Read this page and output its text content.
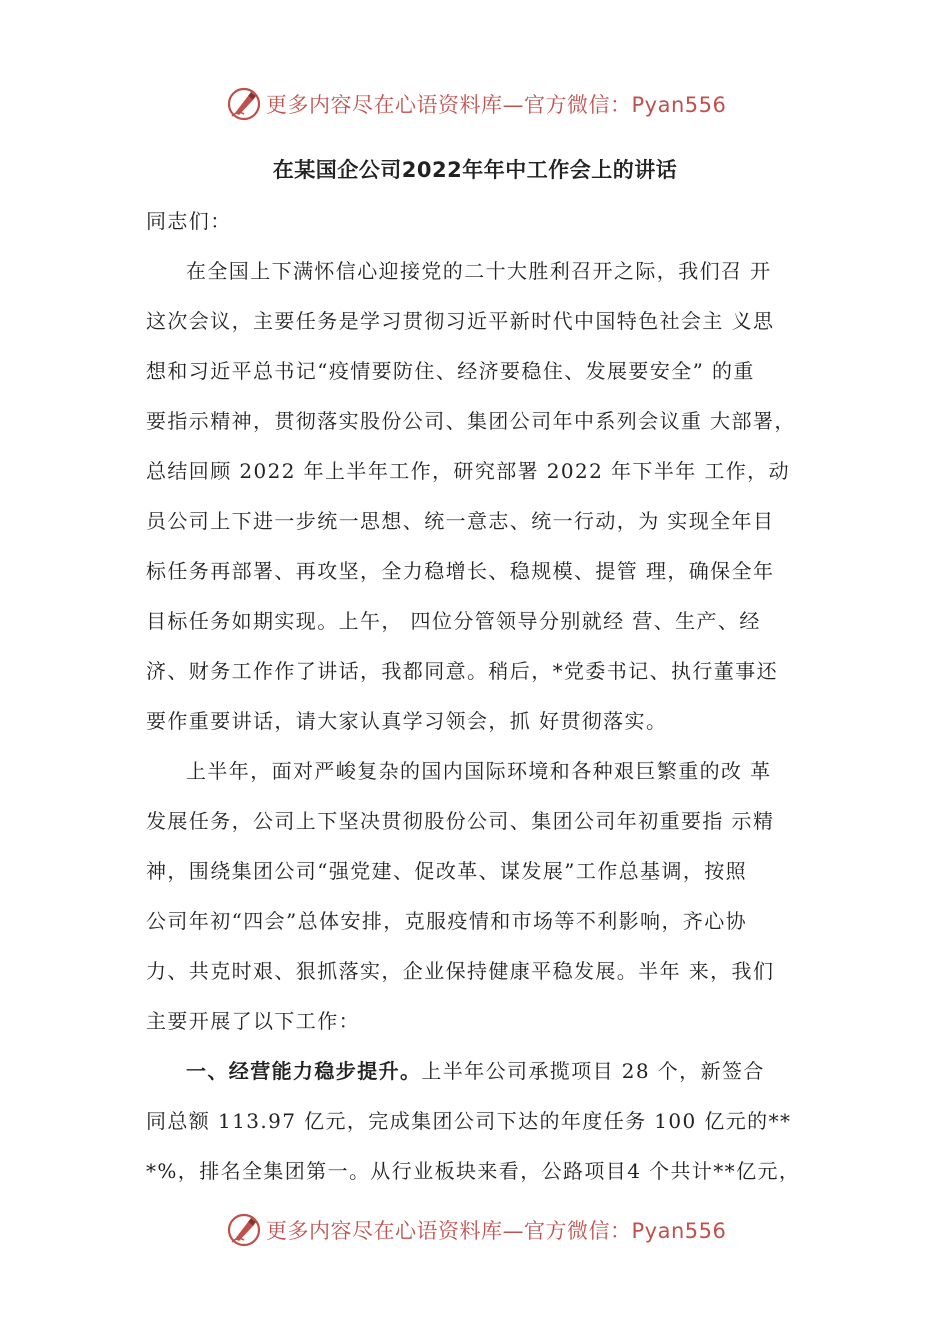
更多内容尽在心语资料库—官方微信：Pyan556
在某国企公司2022年年中工作会上的讲话
同志们：
在全国上下满怀信心迎接党的二十大胜利召开之际，我们召 开
这次会议，主要任务是学习贯彻习近平新时代中国特色社会主 义思
想和习近平总书记“疫情要防住、经济要稳住、发展要安全” 的重
要指示精神，贯彻落实股份公司、集团公司年中系列会议重 大部署，
总结回顾 2022 年上半年工作，研究部署 2022 年下半年 工作，动
员公司上下进一步统一思想、统一意志、统一行动，为 实现全年目
标任务再部署、再攻坚，全力稳增长、稳规模、提管 理，确保全年
目标任务如期实现。上午， 四位分管领导分别就经 营、生产、经
济、财务工作作了讲话，我都同意。稍后，*党委书记、执行董事还
要作重要讲话，请大家认真学习领会，抓 好贯彻落实。
上半年，面对严峻复杂的国内国际环境和各种艰巨繁重的改 革
发展任务，公司上下坚决贯彻股份公司、集团公司年初重要指 示精
神，围绕集团公司“强党建、促改革、谋发展”工作总基调，按照
公司年初“四会”总体安排，克服疫情和市场等不利影响，齐心协
力、共克时艰、狠抓落实，企业保持健康平稳发展。半年 来，我们
主要开展了以下工作：
一、经营能力稳步提升。上半年公司承揽项目 28 个，新签合
同总额 113.97 亿元，完成集团公司下达的年度任务 100 亿元的**
*%，排名全集团第一。从行业板块来看，公路项目4 个共计**亿元，
更多内容尽在心语资料库—官方微信：Pyan556
